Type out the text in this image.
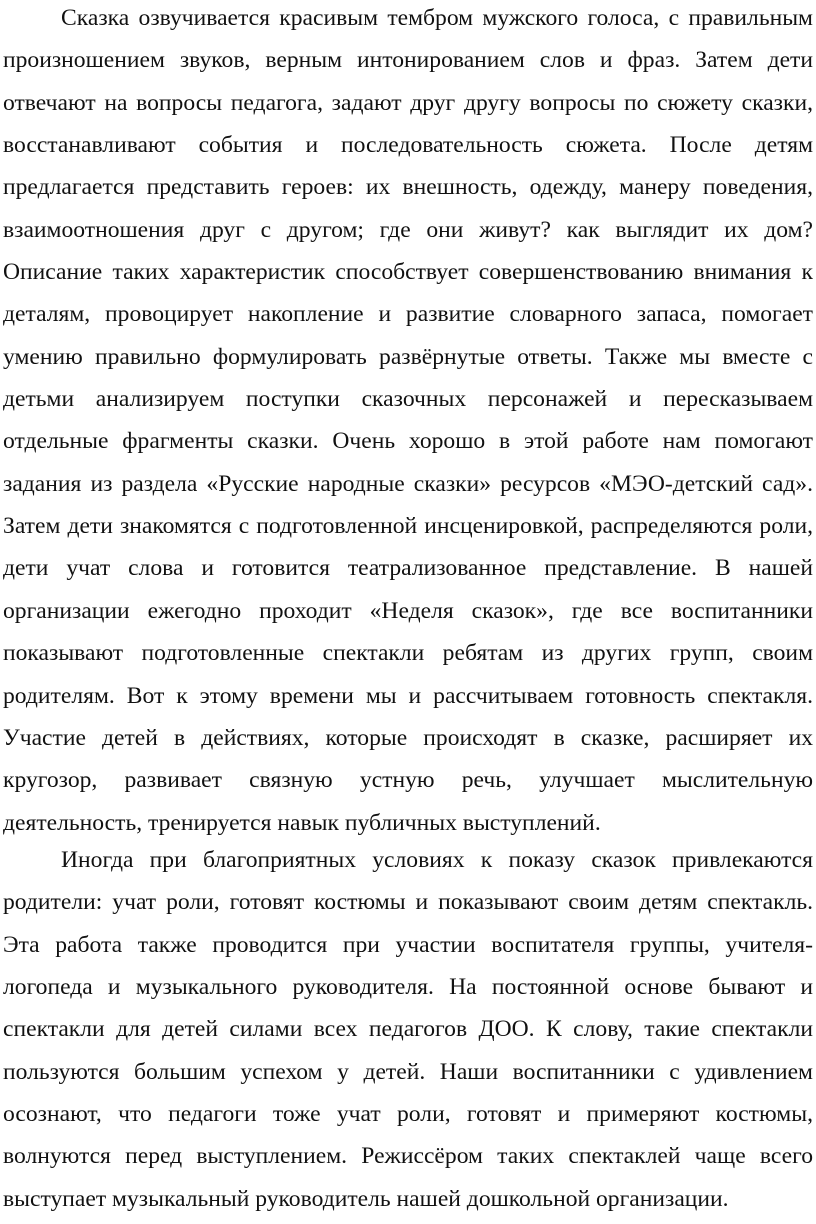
Сказка озвучивается красивым тембром мужского голоса, с правильным произношением звуков, верным интонированием слов и фраз. Затем дети отвечают на вопросы педагога, задают друг другу вопросы по сюжету сказки, восстанавливают события и последовательность сюжета. После детям предлагается представить героев: их внешность, одежду, манеру поведения, взаимоотношения друг с другом; где они живут? как выглядит их дом? Описание таких характеристик способствует совершенствованию внимания к деталям, провоцирует накопление и развитие словарного запаса, помогает умению правильно формулировать развёрнутые ответы. Также мы вместе с детьми анализируем поступки сказочных персонажей и пересказываем отдельные фрагменты сказки. Очень хорошо в этой работе нам помогают задания из раздела «Русские народные сказки» ресурсов «МЭО-детский сад». Затем дети знакомятся с подготовленной инсценировкой, распределяются роли, дети учат слова и готовится театрализованное представление. В нашей организации ежегодно проходит «Неделя сказок», где все воспитанники показывают подготовленные спектакли ребятам из других групп, своим родителям. Вот к этому времени мы и рассчитываем готовность спектакля. Участие детей в действиях, которые происходят в сказке, расширяет их кругозор, развивает связную устную речь, улучшает мыслительную деятельность, тренируется навык публичных выступлений.

Иногда при благоприятных условиях к показу сказок привлекаются родители: учат роли, готовят костюмы и показывают своим детям спектакль. Эта работа также проводится при участии воспитателя группы, учителя-логопеда и музыкального руководителя. На постоянной основе бывают и спектакли для детей силами всех педагогов ДОО. К слову, такие спектакли пользуются большим успехом у детей. Наши воспитанники с удивлением осознают, что педагоги тоже учат роли, готовят и примеряют костюмы, волнуются перед выступлением. Режиссёром таких спектаклей чаще всего выступает музыкальный руководитель нашей дошкольной организации.
